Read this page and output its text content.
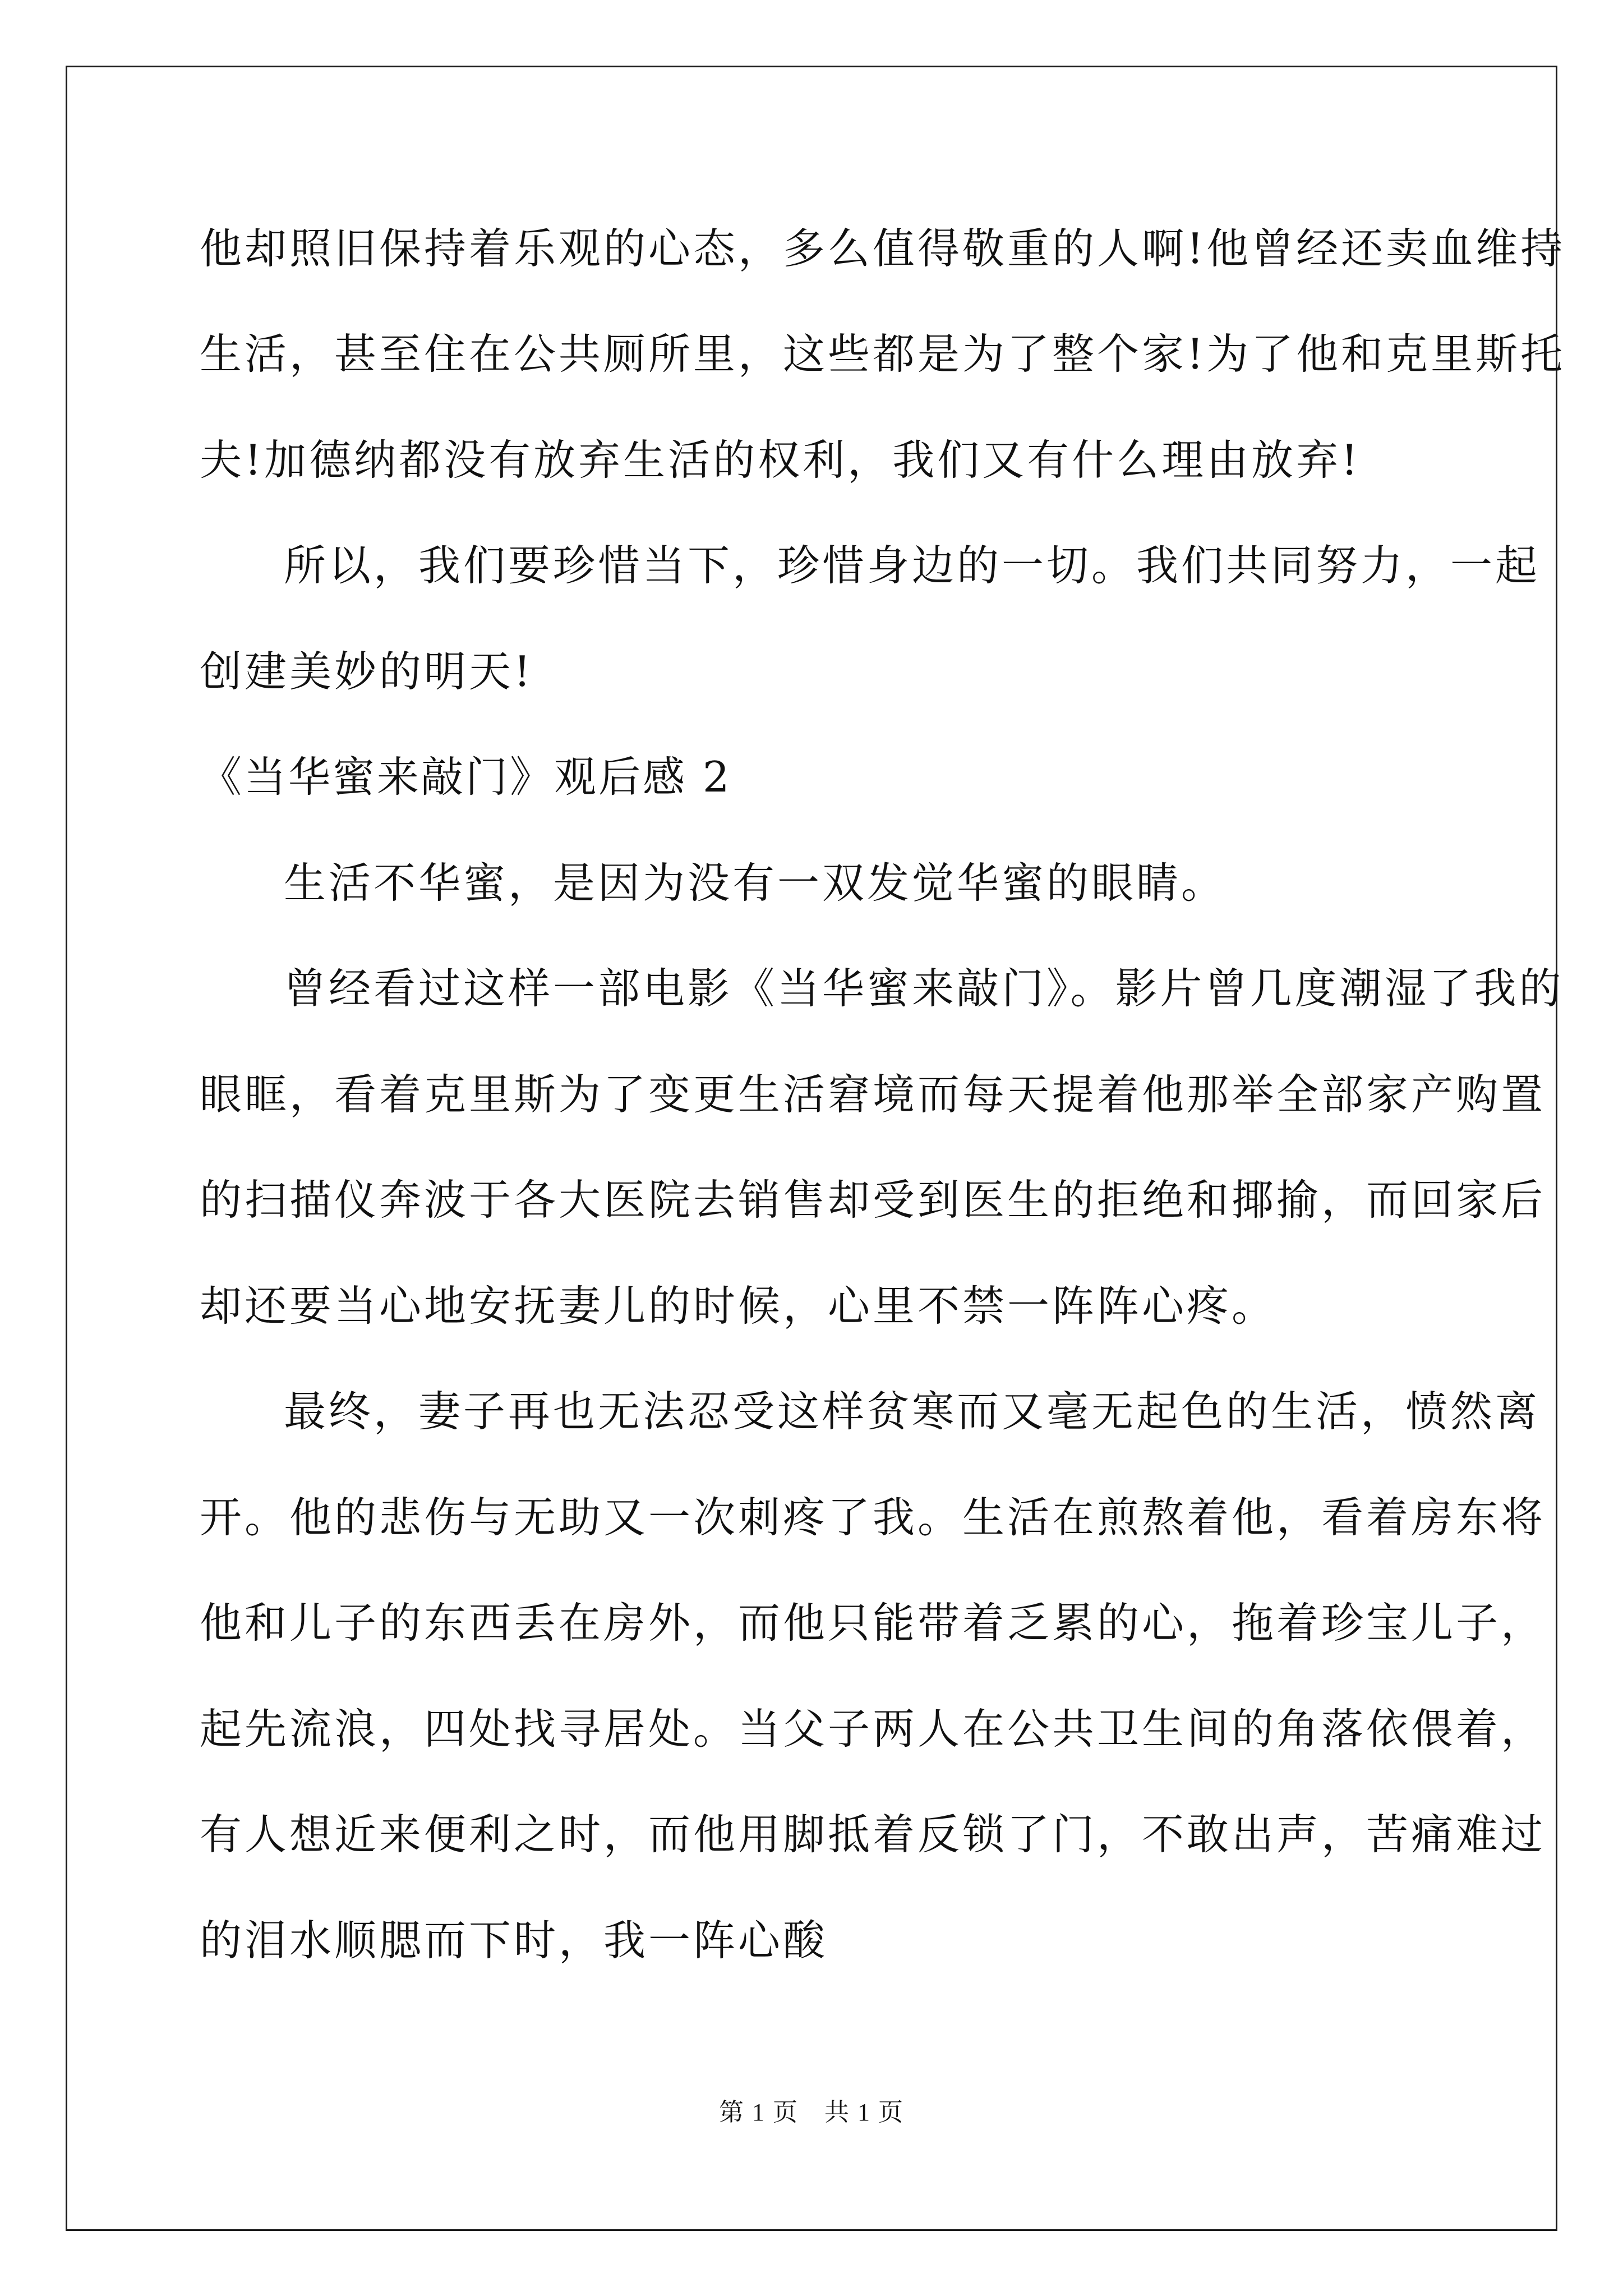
他却照旧保持着乐观的心态，多么值得敬重的人啊!他曾经还卖血维持
生活，甚至住在公共厕所里，这些都是为了整个家!为了他和克里斯托
夫!加德纳都没有放弃生活的权利，我们又有什么理由放弃!
所以，我们要珍惜当下，珍惜身边的一切。我们共同努力，一起
创建美妙的明天!
《当华蜜来敲门》观后感 2
生活不华蜜，是因为没有一双发觉华蜜的眼睛。
曾经看过这样一部电影《当华蜜来敲门》。影片曾几度潮湿了我的
眼眶，看着克里斯为了变更生活窘境而每天提着他那举全部家产购置
的扫描仪奔波于各大医院去销售却受到医生的拒绝和揶揄，而回家后
却还要当心地安抚妻儿的时候，心里不禁一阵阵心疼。
最终，妻子再也无法忍受这样贫寒而又毫无起色的生活，愤然离
开。他的悲伤与无助又一次刺疼了我。生活在煎熬着他，看着房东将
他和儿子的东西丢在房外，而他只能带着乏累的心，拖着珍宝儿子，
起先流浪，四处找寻居处。当父子两人在公共卫生间的角落依偎着，
有人想近来便利之时，而他用脚抵着反锁了门，不敢出声，苦痛难过
的泪水顺腮而下时，我一阵心酸
第 1 页　共 1 页
